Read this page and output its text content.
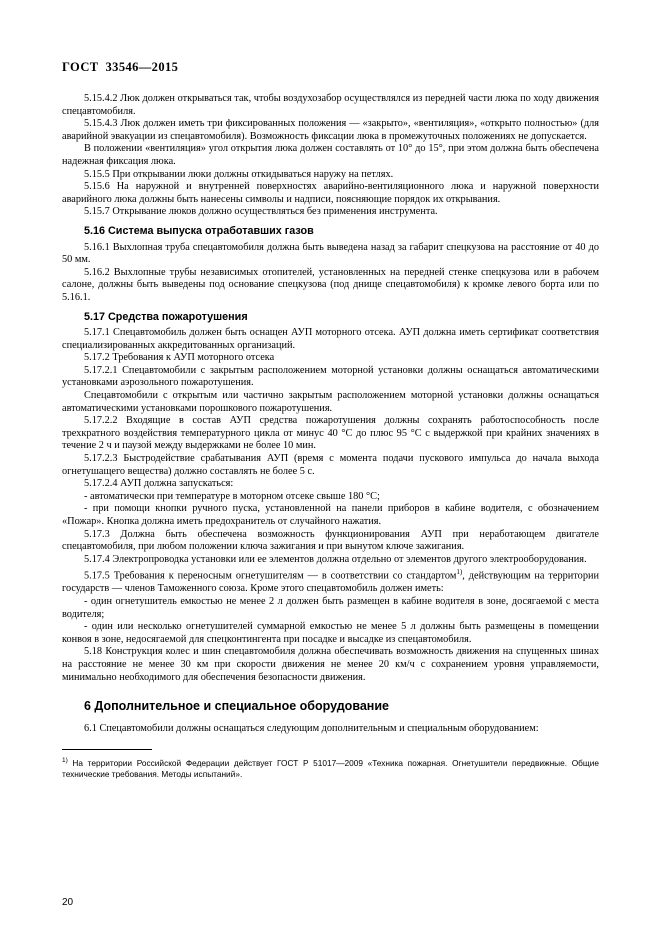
ГОСТ  33546—2015

5.15.4.2 Люк должен открываться так, чтобы воздухозабор осуществлялся из передней части люка по ходу движения спецавтомобиля.

5.15.4.3 Люк должен иметь три фиксированных положения — «закрыто», «вентиляция», «открыто полностью» (для аварийной эвакуации из спецавтомобиля). Возможность фиксации люка в промежуточных положениях не допускается.

В положении «вентиляция» угол открытия люка должен составлять от 10° до 15°, при этом должна быть обеспечена надежная фиксация люка.

5.15.5 При открывании люки должны откидываться наружу на петлях.

5.15.6 На наружной и внутренней поверхностях аварийно-вентиляционного люка и наружной поверхности аварийного люка должны быть нанесены символы и надписи, поясняющие порядок их открывания.

5.15.7 Открывание люков должно осуществляться без применения инструмента.

5.16 Система выпуска отработавших газов

5.16.1 Выхлопная труба спецавтомобиля должна быть выведена назад за габарит спецкузова на расстояние от 40 до 50 мм.

5.16.2 Выхлопные трубы независимых отопителей, установленных на передней стенке спецкузова или в рабочем салоне, должны быть выведены под основание спецкузова (под днище спецавтомобиля) к кромке левого борта или по 5.16.1.

5.17 Средства пожаротушения

5.17.1 Спецавтомобиль должен быть оснащен АУП моторного отсека. АУП должна иметь сертификат соответствия специализированных аккредитованных организаций.

5.17.2 Требования к АУП моторного отсека

5.17.2.1 Спецавтомобили с закрытым расположением моторной установки должны оснащаться автоматическими установками аэрозольного пожаротушения.

Спецавтомобили с открытым или частично закрытым расположением моторной установки должны оснащаться автоматическими установками порошкового пожаротушения.

5.17.2.2 Входящие в состав АУП средства пожаротушения должны сохранять работоспособность после трехкратного воздействия температурного цикла от минус 40 °С до плюс 95 °С с выдержкой при крайних значениях в течение 2 ч и паузой между выдержками не более 10 мин.

5.17.2.3 Быстродействие срабатывания АУП (время с момента подачи пускового импульса до начала выхода огнетушащего вещества) должно составлять не более 5 с.

5.17.2.4 АУП должна запускаться:

- автоматически при температуре в моторном отсеке свыше 180 °С;

- при помощи кнопки ручного пуска, установленной на панели приборов в кабине водителя, с обозначением «Пожар». Кнопка должна иметь предохранитель от случайного нажатия.

5.17.3 Должна быть обеспечена возможность функционирования АУП при неработающем двигателе спецавтомобиля, при любом положении ключа зажигания и при вынутом ключе зажигания.

5.17.4 Электропроводка установки или ее элементов должна отдельно от элементов другого электрооборудования.

5.17.5 Требования к переносным огнетушителям — в соответствии со стандартом$^{1)}$, действующим на территории государств — членов Таможенного союза. Кроме этого спецавтомобиль должен иметь:

- один огнетушитель емкостью не менее 2 л должен быть размещен в кабине водителя в зоне, досягаемой с места водителя;

- один или несколько огнетушителей суммарной емкостью не менее 5 л должны быть размещены в помещении конвоя в зоне, недосягаемой для спецконтингента при посадке и высадке из спецавтомобиля.

5.18 Конструкция колес и шин спецавтомобиля должна обеспечивать возможность движения на спущенных шинах на расстояние не менее 30 км при скорости движения не менее 20 км/ч с сохранением уровня управляемости, минимально необходимого для обеспечения безопасности движения.

6 Дополнительное и специальное оборудование

6.1 Спецавтомобили должны оснащаться следующим дополнительным и специальным оборудованием:

$^{1)}$ На территории Российской Федерации действует ГОСТ Р 51017—2009 «Техника пожарная. Огнетушители передвижные. Общие технические требования. Методы испытаний».
20
